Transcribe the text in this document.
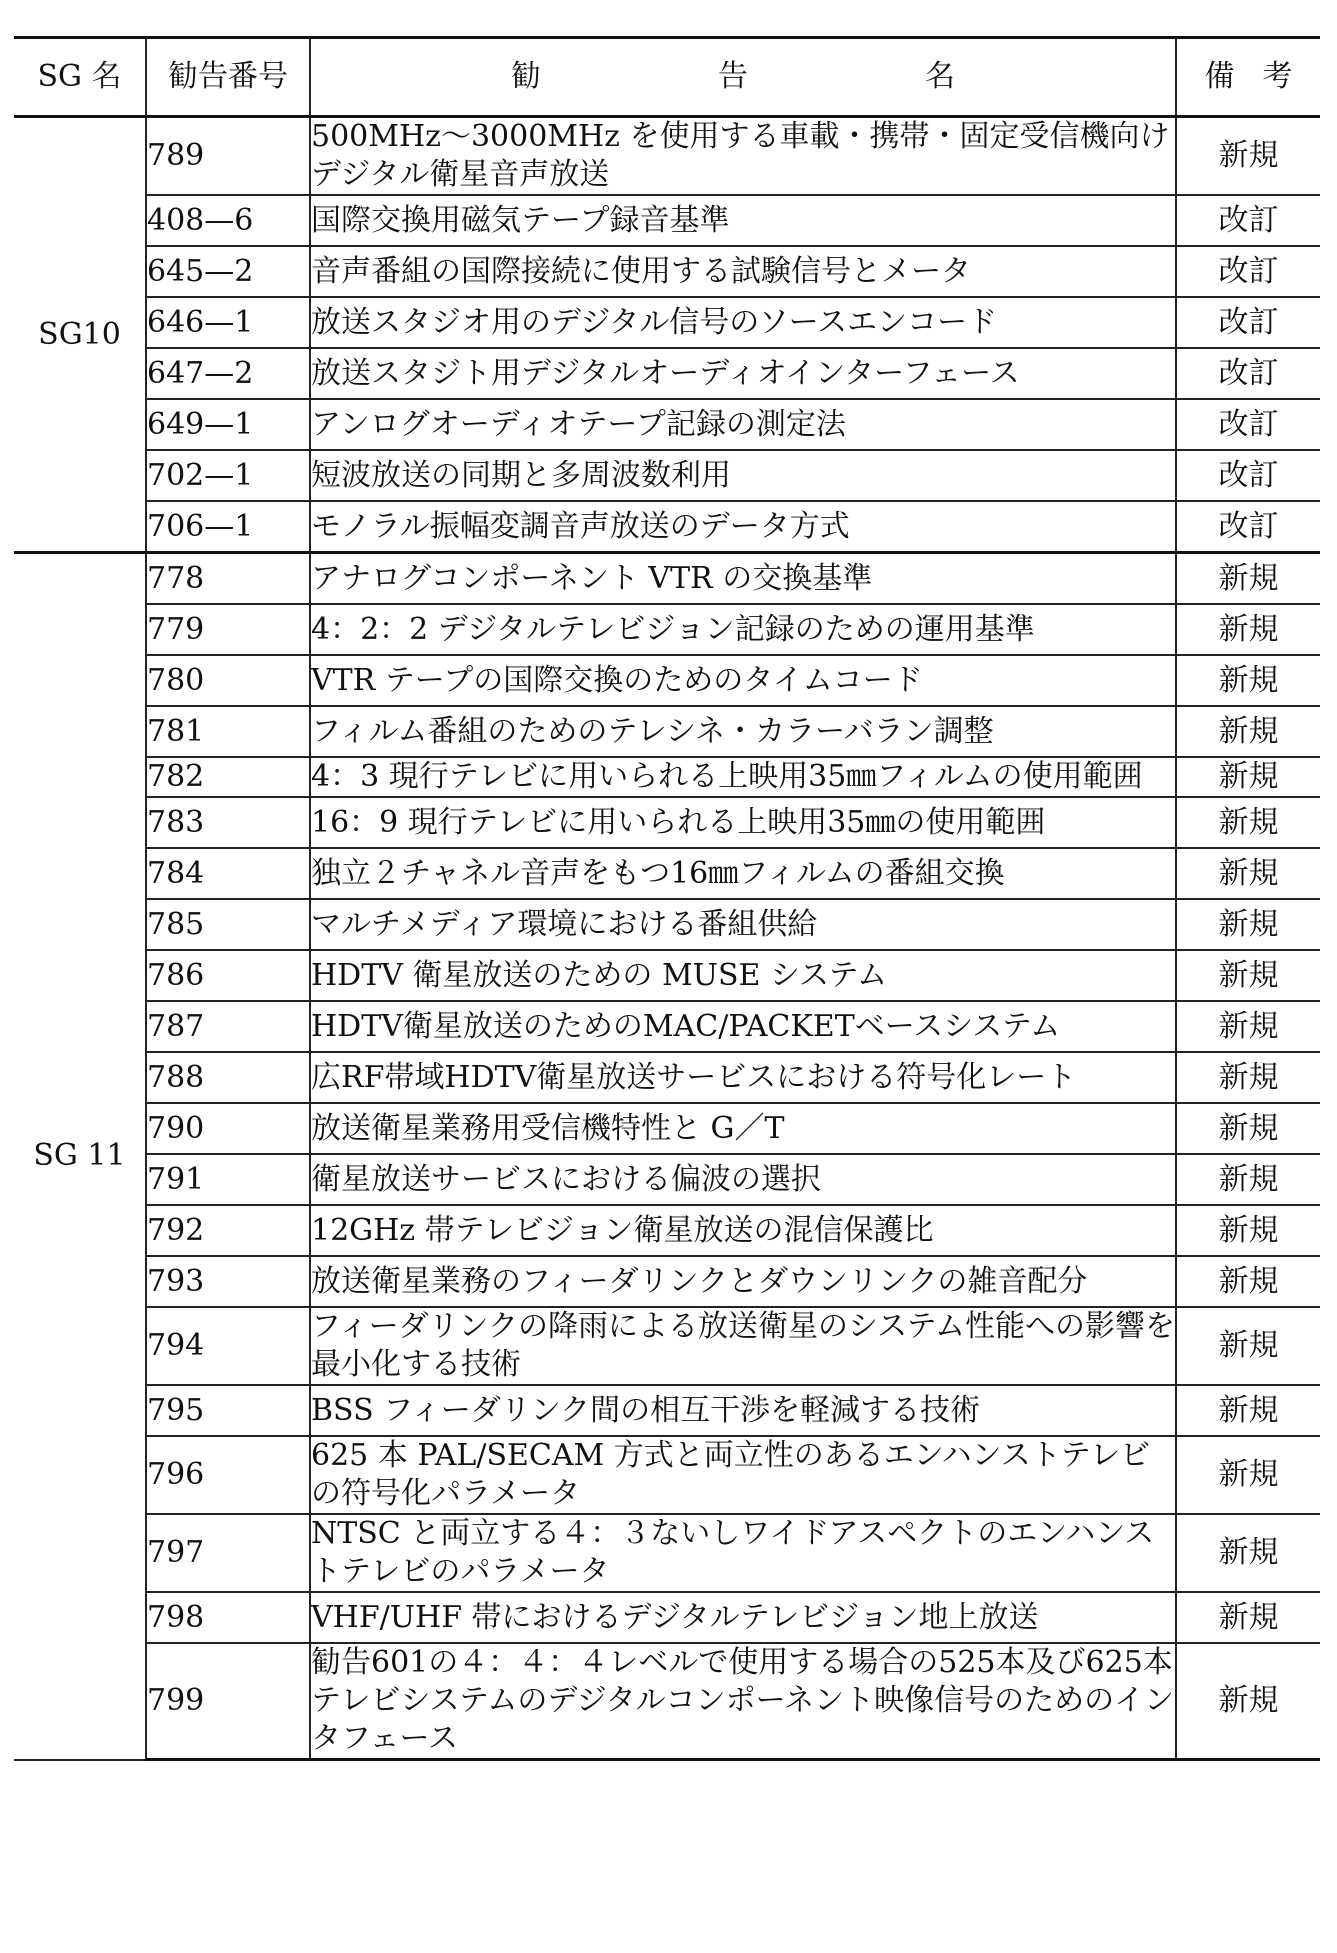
SG 名	勧告番号	勧 告 名	備 考

SG10	789	500MHz〜3000MHz を使用する車載・携帯・固定受信機向けデジタル衛星音声放送	新規
	408—6	国際交換用磁気テープ録音基準	改訂
	645—2	音声番組の国際接続に使用する試験信号とメータ	改訂
	646—1	放送スタジオ用のデジタル信号のソースエンコード	改訂
	647—2	放送スタジト用デジタルオーディオインターフェース	改訂
	649—1	アンログオーディオテープ記録の測定法	改訂
	702—1	短波放送の同期と多周波数利用	改訂
	706—1	モノラル振幅変調音声放送のデータ方式	改訂
SG 11	778	アナログコンポーネント VTR の交換基準	新規
	779	4：2：2 デジタルテレビジョン記録のための運用基準	新規
	780	VTR テープの国際交換のためのタイムコード	新規
	781	フィルム番組のためのテレシネ・カラーバラン調整	新規
	782	4：3 現行テレビに用いられる上映用35㎜フィルムの使用範囲	新規
	783	16：9 現行テレビに用いられる上映用35㎜の使用範囲	新規
	784	独立２チャネル音声をもつ16㎜フィルムの番組交換	新規
	785	マルチメディア環境における番組供給	新規
	786	HDTV 衛星放送のための MUSE システム	新規
	787	HDTV衛星放送のためのMAC/PACKETベースシステム	新規
	788	広RF帯域HDTV衛星放送サービスにおける符号化レート	新規
	790	放送衛星業務用受信機特性と G／T	新規
	791	衛星放送サービスにおける偏波の選択	新規
	792	12GHz 帯テレビジョン衛星放送の混信保護比	新規
	793	放送衛星業務のフィーダリンクとダウンリンクの雑音配分	新規
	794	フィーダリンクの降雨による放送衛星のシステム性能への影響を最小化する技術	新規
	795	BSS フィーダリンク間の相互干渉を軽減する技術	新規
	796	625 本 PAL/SECAM 方式と両立性のあるエンハンストテレビの符号化パラメータ	新規
	797	NTSC と両立する４：３ないしワイドアスペクトのエンハンストテレビのパラメータ	新規
	798	VHF/UHF 帯におけるデジタルテレビジョン地上放送	新規
	799	勧告601の４：４：４レベルで使用する場合の525本及び625本テレビシステムのデジタルコンポーネント映像信号のためのインタフェース	新規
